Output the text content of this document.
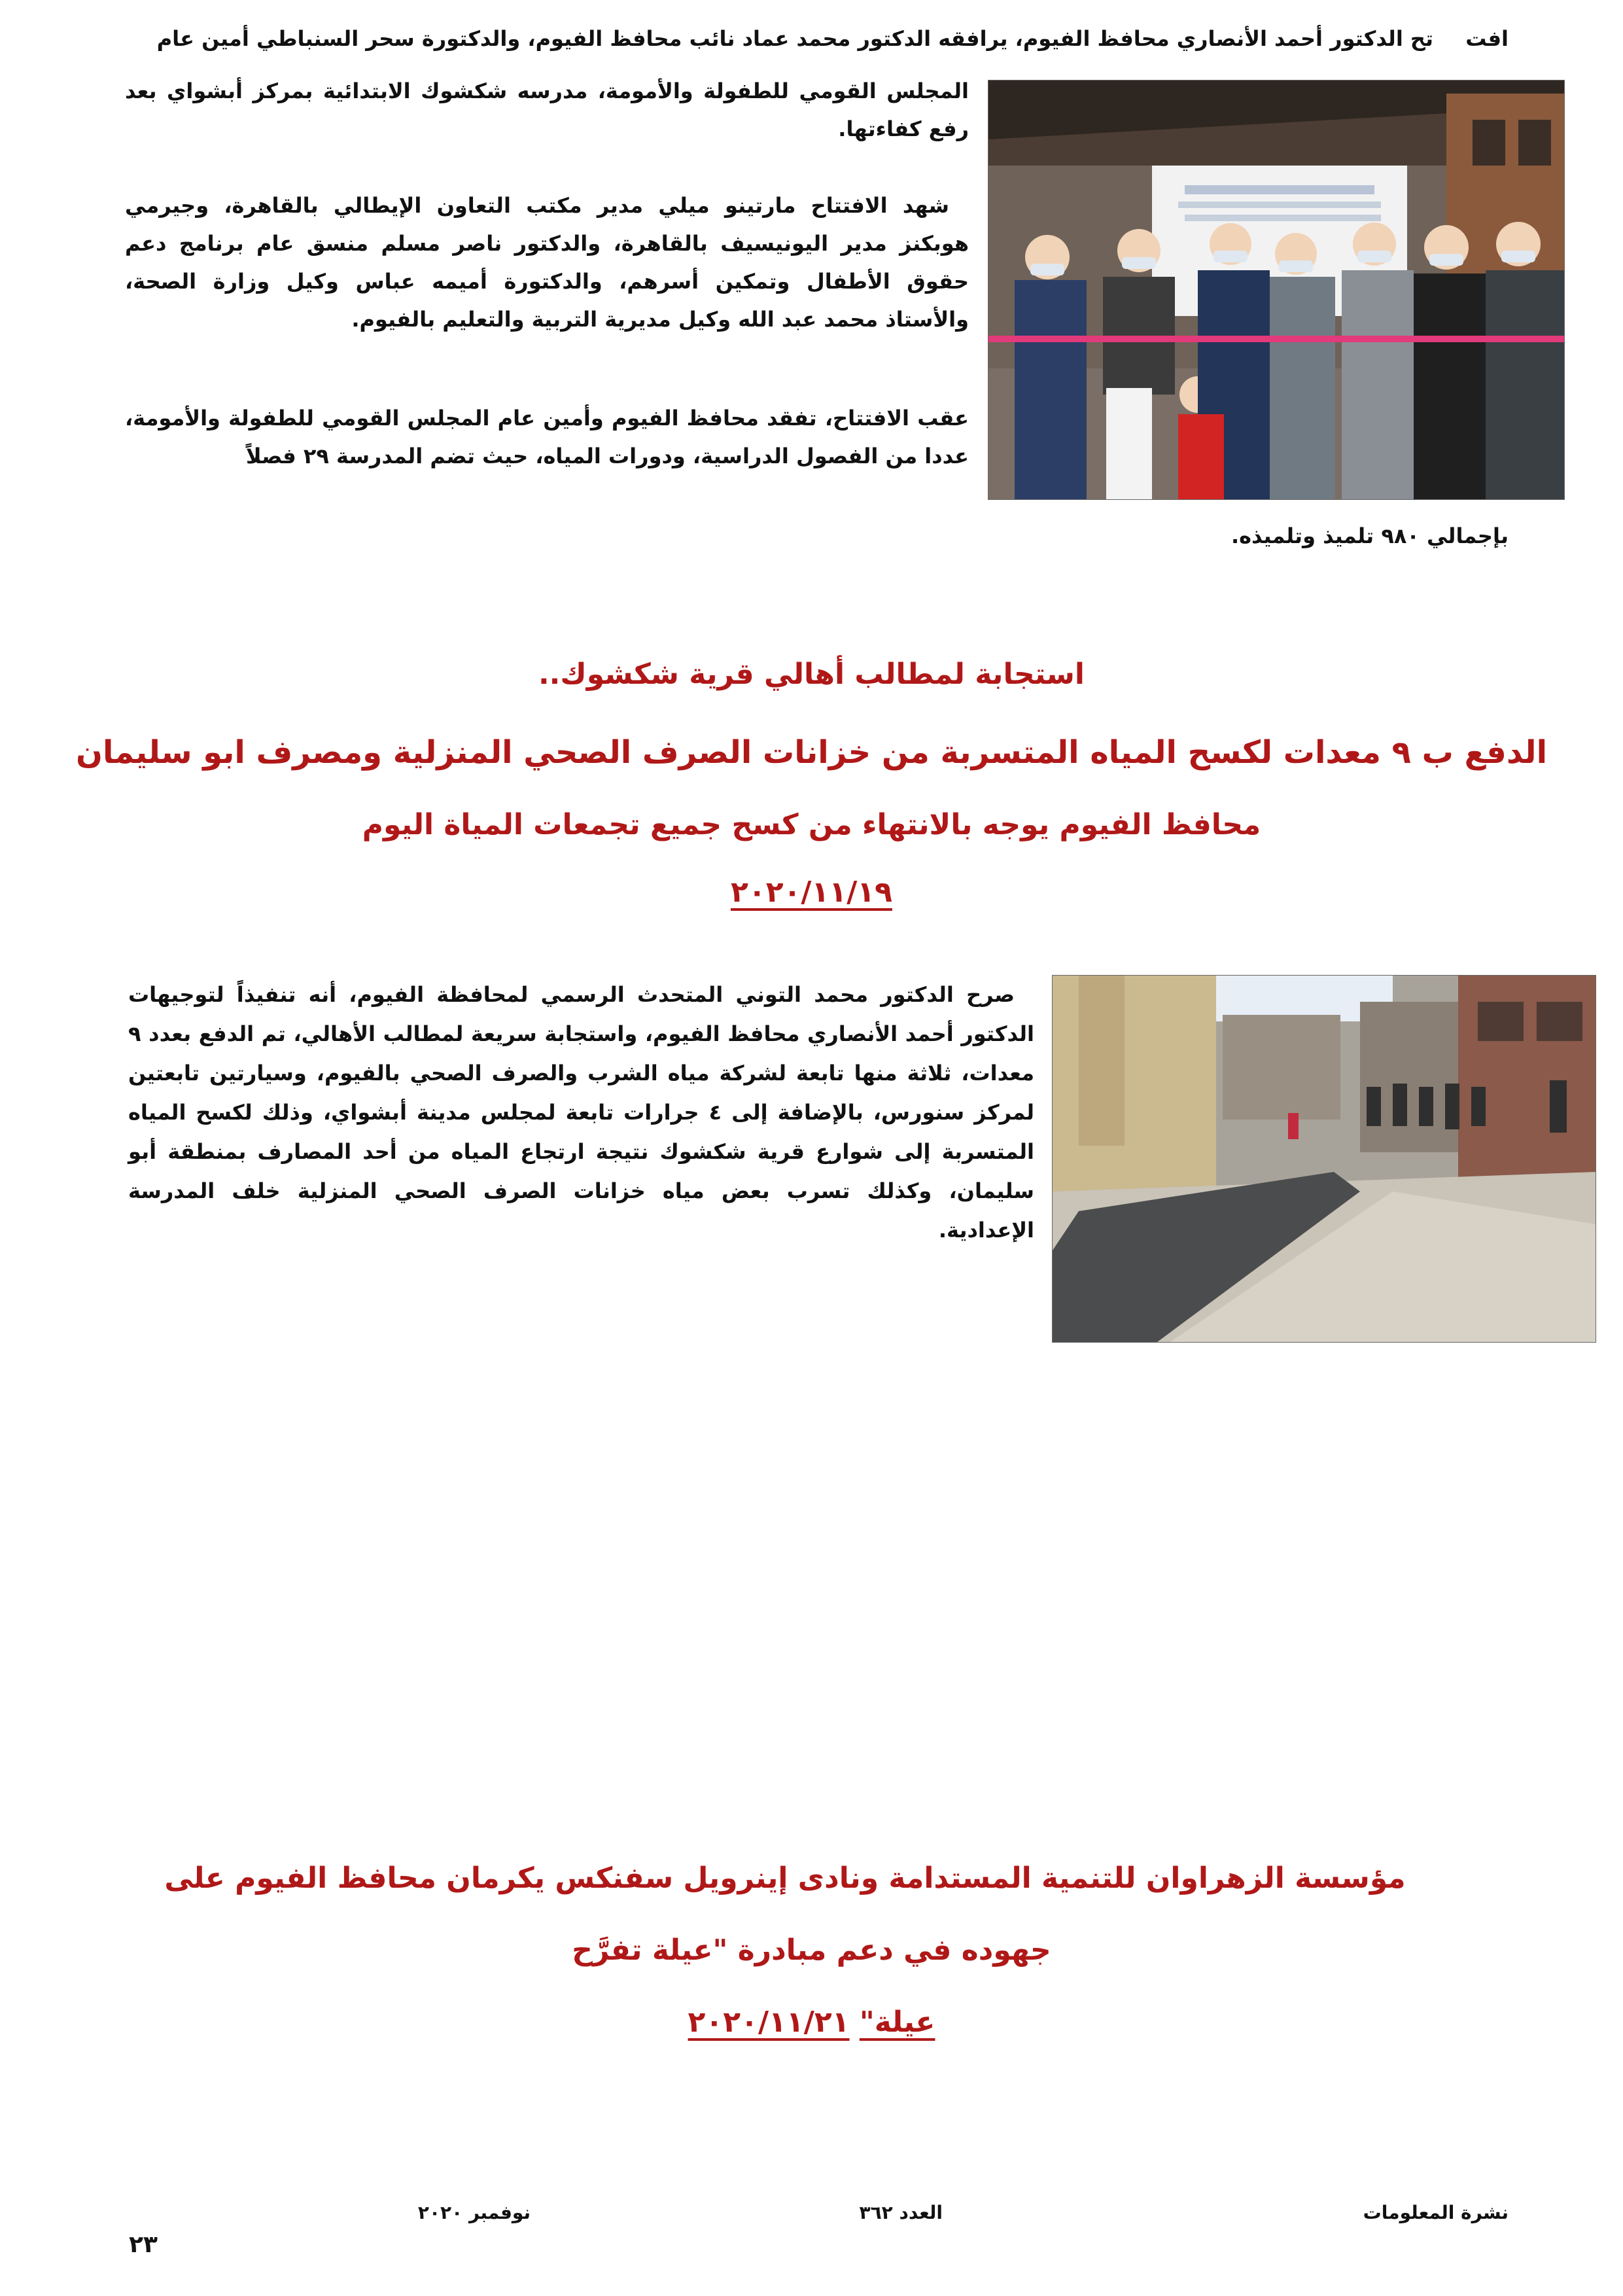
افت
تح الدكتور أحمد الأنصاري محافظ الفيوم، يرافقه الدكتور محمد عماد نائب محافظ الفيوم، والدكتورة سحر السنباطي أمين عام
المجلس القومي للطفولة والأمومة، مدرسه شكشوك الابتدائية بمركز أبشواي بعد رفع كفاءتها.
شهد الافتتاح مارتينو ميلي مدير مكتب التعاون الإيطالي بالقاهرة، وجيرمي هوبكنز مدير اليونيسيف بالقاهرة، والدكتور ناصر مسلم منسق عام برنامج دعم حقوق الأطفال وتمكين أسرهم، والدكتورة أميمه عباس وكيل وزارة الصحة، والأستاذ محمد عبد الله وكيل مديرية التربية والتعليم بالفيوم.
عقب الافتتاح، تفقد محافظ الفيوم وأمين عام المجلس القومي للطفولة والأمومة، عددا من الفصول الدراسية، ودورات المياه، حيث تضم المدرسة ٢٩ فصلاً
بإجمالي ٩٨٠ تلميذ وتلميذه.
استجابة لمطالب أهالي قرية شكشوك..
الدفع ب ٩ معدات لكسح المياه المتسربة من خزانات الصرف الصحي المنزلية ومصرف ابو سليمان
محافظ الفيوم يوجه بالانتهاء من كسح جميع تجمعات المياة اليوم
٢٠٢٠/١١/١٩
صرح الدكتور محمد التوني المتحدث الرسمي لمحافظة الفيوم، أنه تنفيذاً لتوجيهات الدكتور أحمد الأنصاري محافظ الفيوم، واستجابة سريعة لمطالب الأهالي، تم الدفع بعدد ٩ معدات، ثلاثة منها تابعة لشركة مياه الشرب والصرف الصحي بالفيوم، وسيارتين تابعتين لمركز سنورس، بالإضافة إلى ٤ جرارات تابعة لمجلس مدينة أبشواي، وذلك لكسح المياه المتسربة إلى شوارع قرية شكشوك نتيجة ارتجاع المياه من أحد المصارف بمنطقة أبو سليمان، وكذلك تسرب بعض مياه خزانات الصرف الصحي المنزلية خلف المدرسة الإعدادية.
مؤسسة الزهراوان للتنمية المستدامة ونادى إينرويل سفنكس يكرمان محافظ الفيوم على
جهوده في دعم مبادرة "عيلة تفرَّح
عيلة" ٢٠٢٠/١١/٢١
نشرة المعلومات
العدد ٣٦٢
نوفمبر ٢٠٢٠
٢٣
